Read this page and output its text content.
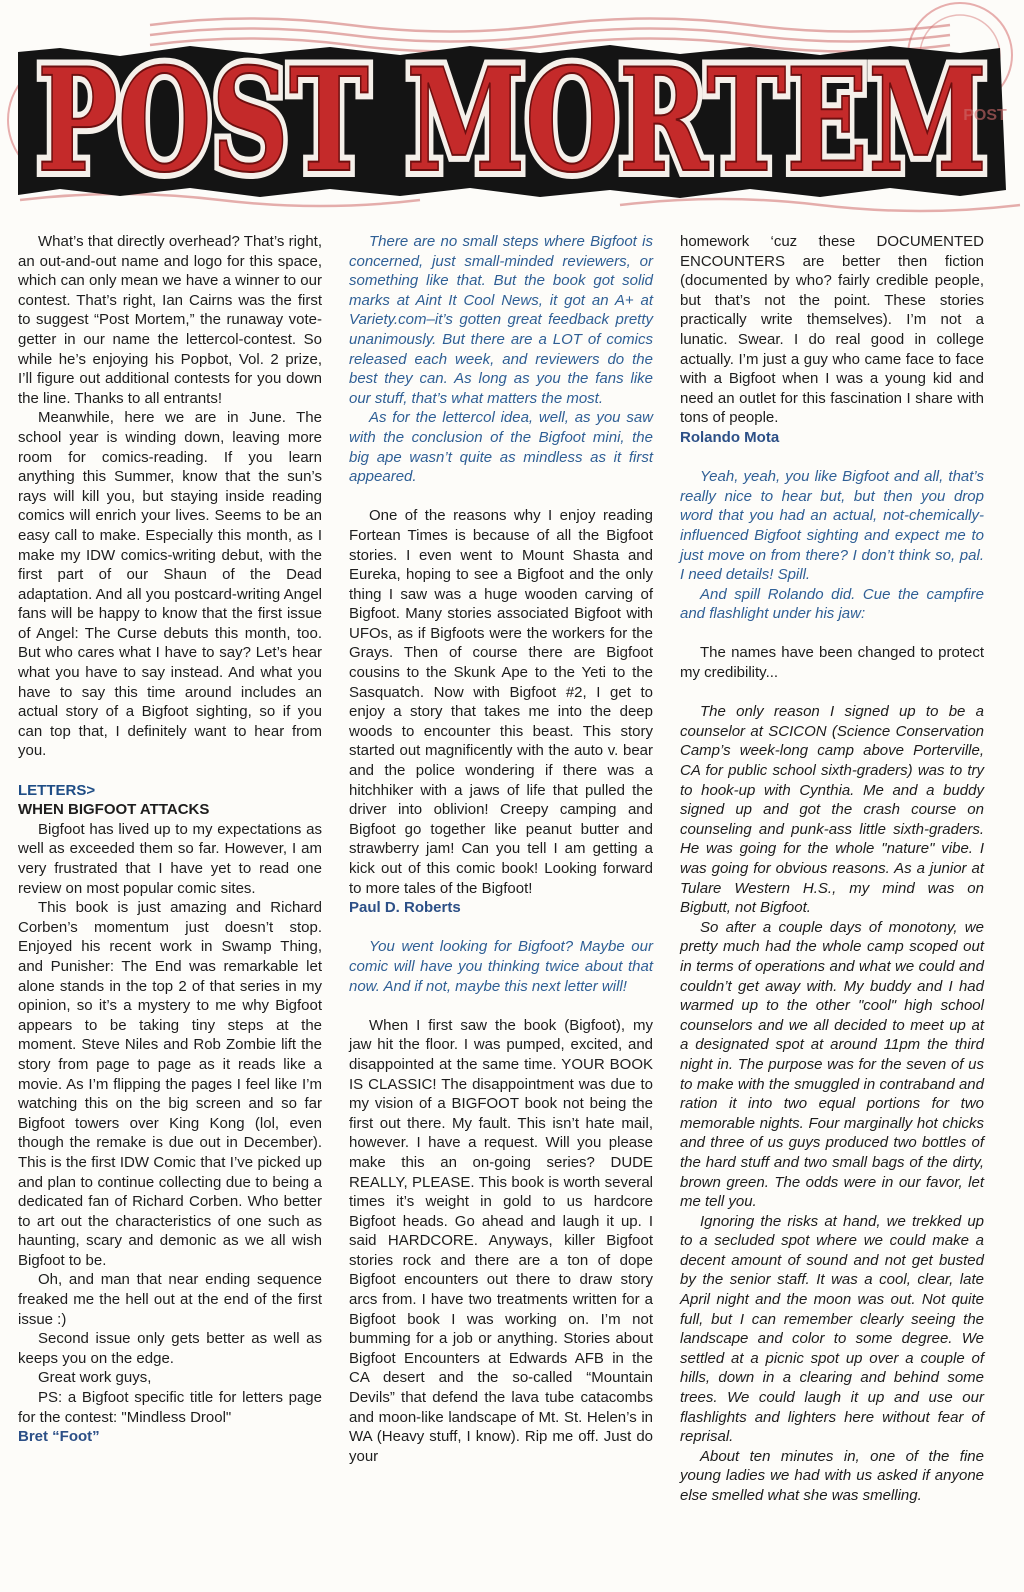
POST MORTEM
POST MORTEM
POST

What’s that directly overhead? That’s right, an out-and-out name and logo for this space, which can only mean we have a winner to our contest. That’s right, Ian Cairns was the first to suggest “Post Mortem,” the runaway vote-getter in our name the lettercol-contest. So while he’s enjoying his Popbot, Vol. 2 prize, I’ll figure out additional contests for you down the line. Thanks to all entrants!

Meanwhile, here we are in June. The school year is winding down, leaving more room for comics-reading. If you learn anything this Summer, know that the sun’s rays will kill you, but staying inside reading comics will enrich your lives. Seems to be an easy call to make. Especially this month, as I make my IDW comics-writing debut, with the first part of our Shaun of the Dead adaptation. And all you postcard-writing Angel fans will be happy to know that the first issue of Angel: The Curse debuts this month, too. But who cares what I have to say? Let’s hear what you have to say instead. And what you have to say this time around includes an actual story of a Bigfoot sighting, so if you can top that, I definitely want to hear from you.

LETTERS>

WHEN BIGFOOT ATTACKS

Bigfoot has lived up to my expectations as well as exceeded them so far. However, I am very frustrated that I have yet to read one review on most popular comic sites.

This book is just amazing and Richard Corben’s momentum just doesn’t stop. Enjoyed his recent work in Swamp Thing, and Punisher: The End was remarkable let alone stands in the top 2 of that series in my opinion, so it’s a mystery to me why Bigfoot appears to be taking tiny steps at the moment. Steve Niles and Rob Zombie lift the story from page to page as it reads like a movie. As I’m flipping the pages I feel like I’m watching this on the big screen and so far Bigfoot towers over King Kong (lol, even though the remake is due out in December). This is the first IDW Comic that I’ve picked up and plan to continue collecting due to being a dedicated fan of Richard Corben. Who better to art out the characteristics of one such as haunting, scary and demonic as we all wish Bigfoot to be.

Oh, and man that near ending sequence freaked me the hell out at the end of the first issue :)

Second issue only gets better as well as keeps you on the edge.

Great work guys,

PS: a Bigfoot specific title for letters page for the contest: "Mindless Drool"

Bret “Foot”

There are no small steps where Bigfoot is concerned, just small-minded reviewers, or something like that. But the book got solid marks at Aint It Cool News, it got an A+ at Variety.com–it’s gotten great feedback pretty unanimously. But there are a LOT of comics released each week, and reviewers do the best they can. As long as you the fans like our stuff, that’s what matters the most.

As for the lettercol idea, well, as you saw with the conclusion of the Bigfoot mini, the big ape wasn’t quite as mindless as it first appeared.

One of the reasons why I enjoy reading Fortean Times is because of all the Bigfoot stories. I even went to Mount Shasta and Eureka, hoping to see a Bigfoot and the only thing I saw was a huge wooden carving of Bigfoot. Many stories associated Bigfoot with UFOs, as if Bigfoots were the workers for the Grays. Then of course there are Bigfoot cousins to the Skunk Ape to the Yeti to the Sasquatch. Now with Bigfoot #2, I get to enjoy a story that takes me into the deep woods to encounter this beast. This story started out magnificently with the auto v. bear and the police wondering if there was a hitchhiker with a jaws of life that pulled the driver into oblivion! Creepy camping and Bigfoot go together like peanut butter and strawberry jam! Can you tell I am getting a kick out of this comic book! Looking forward to more tales of the Bigfoot!

Paul D. Roberts

You went looking for Bigfoot? Maybe our comic will have you thinking twice about that now. And if not, maybe this next letter will!

When I first saw the book (Bigfoot), my jaw hit the floor. I was pumped, excited, and disappointed at the same time. YOUR BOOK IS CLASSIC! The disappointment was due to my vision of a BIGFOOT book not being the first out there. My fault. This isn’t hate mail, however. I have a request. Will you please make this an on-going series? DUDE REALLY, PLEASE. This book is worth several times it’s weight in gold to us hardcore Bigfoot heads. Go ahead and laugh it up. I said HARDCORE. Anyways, killer Bigfoot stories rock and there are a ton of dope Bigfoot encounters out there to draw story arcs from. I have two treatments written for a Bigfoot book I was working on. I’m not bumming for a job or anything. Stories about Bigfoot Encounters at Edwards AFB in the CA desert and the so-called “Mountain Devils” that defend the lava tube catacombs and moon-like landscape of Mt. St. Helen’s in WA (Heavy stuff, I know). Rip me off. Just do your

homework ‘cuz these DOCUMENTED ENCOUNTERS are better then fiction (documented by who? fairly credible people, but that’s not the point. These stories practically write themselves). I’m not a lunatic. Swear. I do real good in college actually. I’m just a guy who came face to face with a Bigfoot when I was a young kid and need an outlet for this fascination I share with tons of people.

Rolando Mota

Yeah, yeah, you like Bigfoot and all, that’s really nice to hear but, but then you drop word that you had an actual, not-chemically-influenced Bigfoot sighting and expect me to just move on from there? I don’t think so, pal. I need details! Spill.

And spill Rolando did. Cue the campfire and flashlight under his jaw:

The names have been changed to protect my credibility...

The only reason I signed up to be a counselor at SCICON (Science Conservation Camp’s week-long camp above Porterville, CA for public school sixth-graders) was to try to hook-up with Cynthia. Me and a buddy signed up and got the crash course on counseling and punk-ass little sixth-graders. He was going for the whole "nature" vibe. I was going for obvious reasons. As a junior at Tulare Western H.S., my mind was on Bigbutt, not Bigfoot.

So after a couple days of monotony, we pretty much had the whole camp scoped out in terms of operations and what we could and couldn’t get away with. My buddy and I had warmed up to the other "cool" high school counselors and we all decided to meet up at a designated spot at around 11pm the third night in. The purpose was for the seven of us to make with the smuggled in contraband and ration it into two equal portions for two memorable nights. Four marginally hot chicks and three of us guys produced two bottles of the hard stuff and two small bags of the dirty, brown green. The odds were in our favor, let me tell you.

Ignoring the risks at hand, we trekked up to a secluded spot where we could make a decent amount of sound and not get busted by the senior staff. It was a cool, clear, late April night and the moon was out. Not quite full, but I can remember clearly seeing the landscape and color to some degree. We settled at a picnic spot up over a couple of hills, down in a clearing and behind some trees. We could laugh it up and use our flashlights and lighters here without fear of reprisal.

About ten minutes in, one of the fine young ladies we had with us asked if anyone else smelled what she was smelling.
